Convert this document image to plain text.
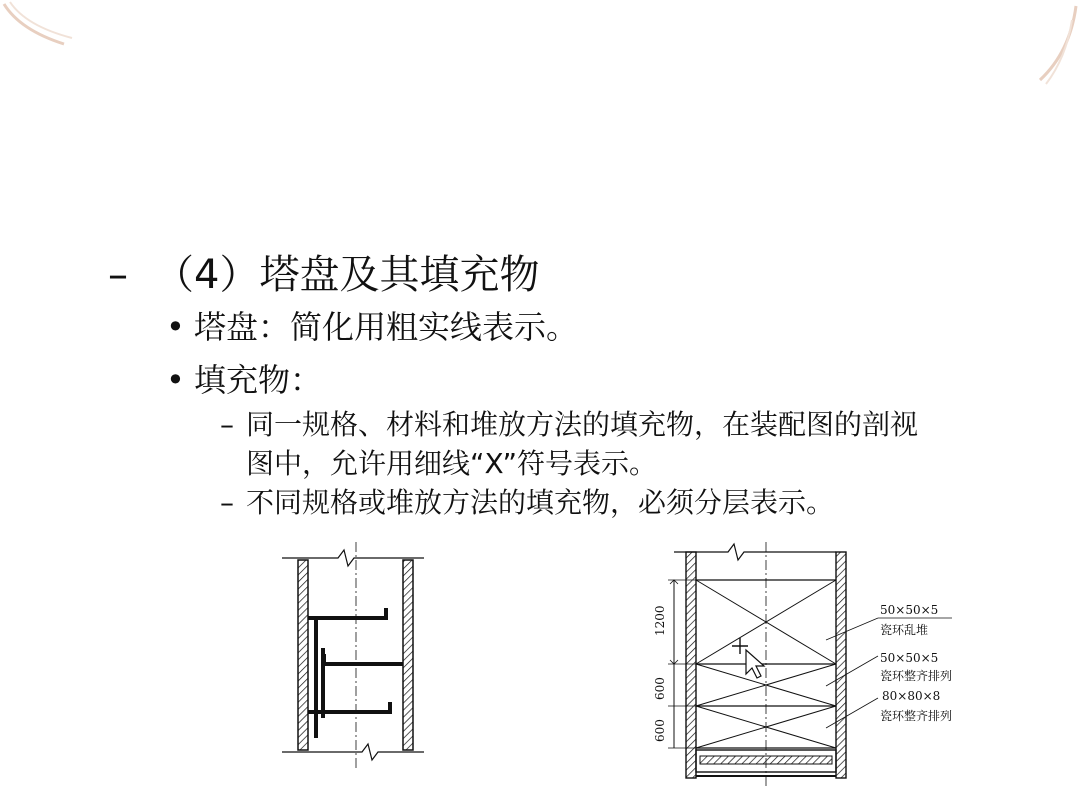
– （4）塔盘及其填充物
• 塔盘：简化用粗实线表示。
• 填充物：
– 同一规格、材料和堆放方法的填充物，在装配图的剖视
图中，允许用细线“X”符号表示。
– 不同规格或堆放方法的填充物，必须分层表示。
1200
600
600
50×50×5
瓷环乱堆
50×50×5
瓷环整齐排列
80×80×8
瓷环整齐排列
